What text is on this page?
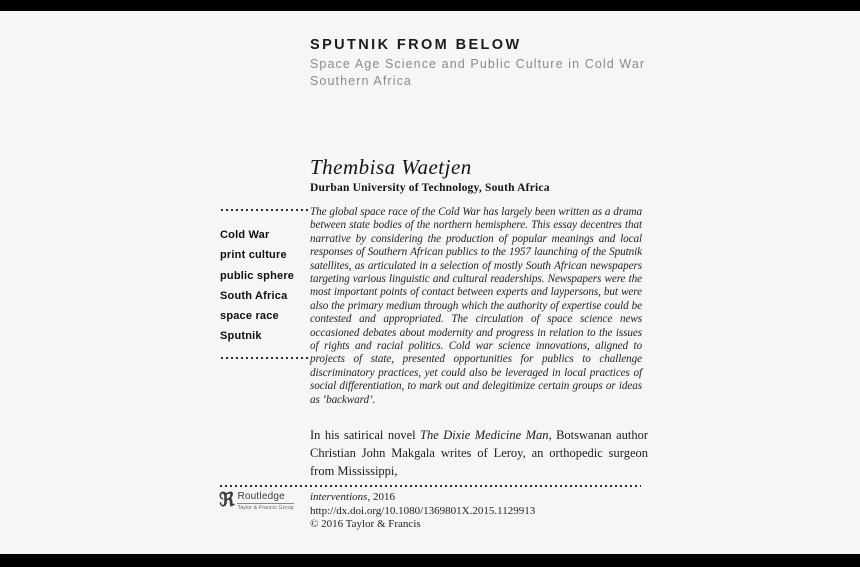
SPUTNIK FROM BELOW
Space Age Science and Public Culture in Cold War
Southern Africa
Thembisa Waetjen
Durban University of Technology, South Africa
Cold War
print culture
public sphere
South Africa
space race
Sputnik
The global space race of the Cold War has largely been written as a drama between state bodies of the northern hemisphere. This essay decentres that narrative by considering the production of popular meanings and local responses of Southern African publics to the 1957 launching of the Sputnik satellites, as articulated in a selection of mostly South African newspapers targeting various linguistic and cultural readerships. Newspapers were the most important points of contact between experts and laypersons, but were also the primary medium through which the authority of expertise could be contested and appropriated. The circulation of space science news occasioned debates about modernity and progress in relation to the issues of rights and racial politics. Cold war science innovations, aligned to projects of state, presented opportunities for publics to challenge discriminatory practices, yet could also be leveraged in local practices of social differentiation, to mark out and delegitimize certain groups or ideas as ‘backward’.
In his satirical novel The Dixie Medicine Man, Botswanan author Christian John Makgala writes of Leroy, an orthopedic surgeon from Mississippi,
ℜ Routledge
Taylor & Francis Group
interventions, 2016
http://dx.doi.org/10.1080/1369801X.2015.1129913
© 2016 Taylor & Francis
